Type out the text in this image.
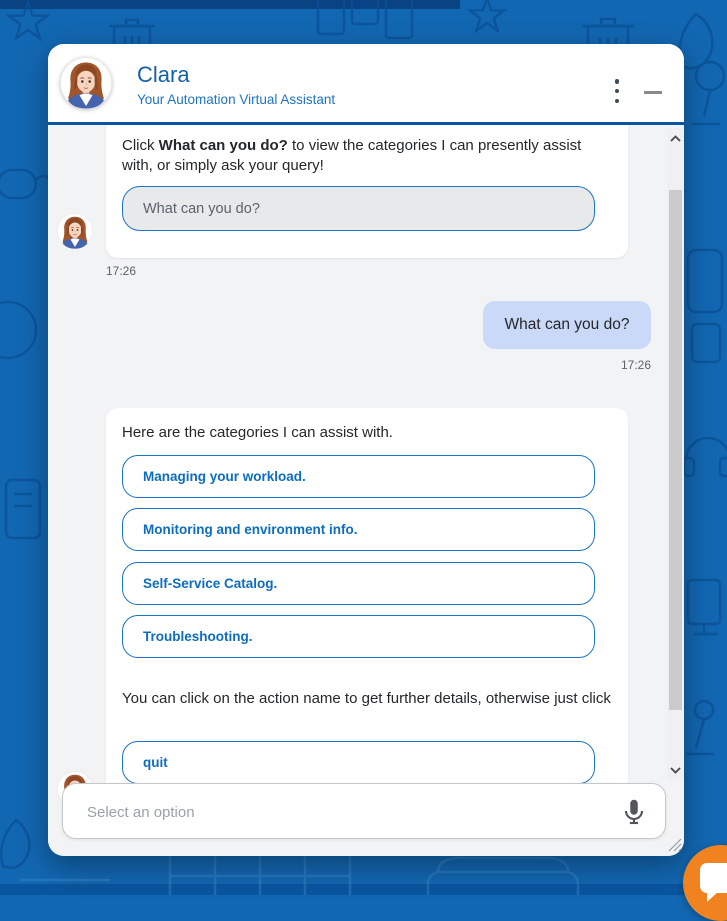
Clara
Your Automation Virtual Assistant
Click What can you do? to view the categories I can presently assist with, or simply ask your query!
What can you do?
17:26
What can you do?
17:26
Here are the categories I can assist with.
Managing your workload.
Monitoring and environment info.
Self-Service Catalog.
Troubleshooting.
You can click on the action name to get further details, otherwise just click
quit
Select an option
